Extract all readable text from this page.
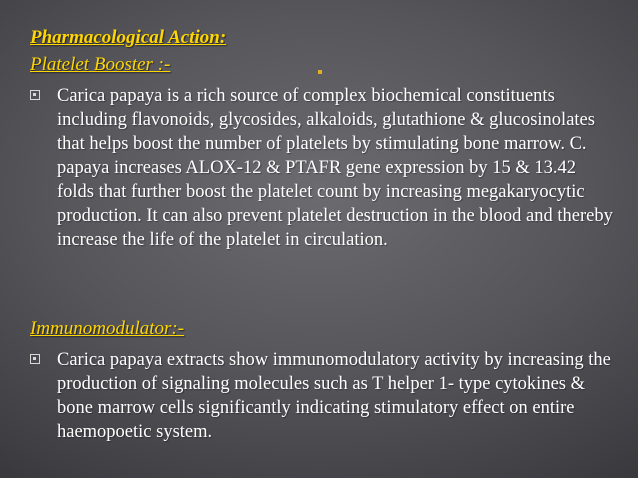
Pharmacological Action:
Platelet Booster :-

Carica papaya is a rich source of complex biochemical constituents including flavonoids, glycosides, alkaloids, glutathione & glucosinolates that helps boost the number of platelets by stimulating bone marrow. C. papaya increases ALOX-12 & PTAFR gene expression by 15 & 13.42 folds that further boost the platelet count by increasing megakaryocytic production. It can also prevent platelet destruction in the blood and thereby increase the life of the platelet in circulation.

Immunomodulator:-

Carica papaya extracts show immunomodulatory activity by increasing the production of signaling molecules such as T helper 1- type cytokines & bone marrow cells significantly indicating stimulatory effect on entire haemopoetic system.
